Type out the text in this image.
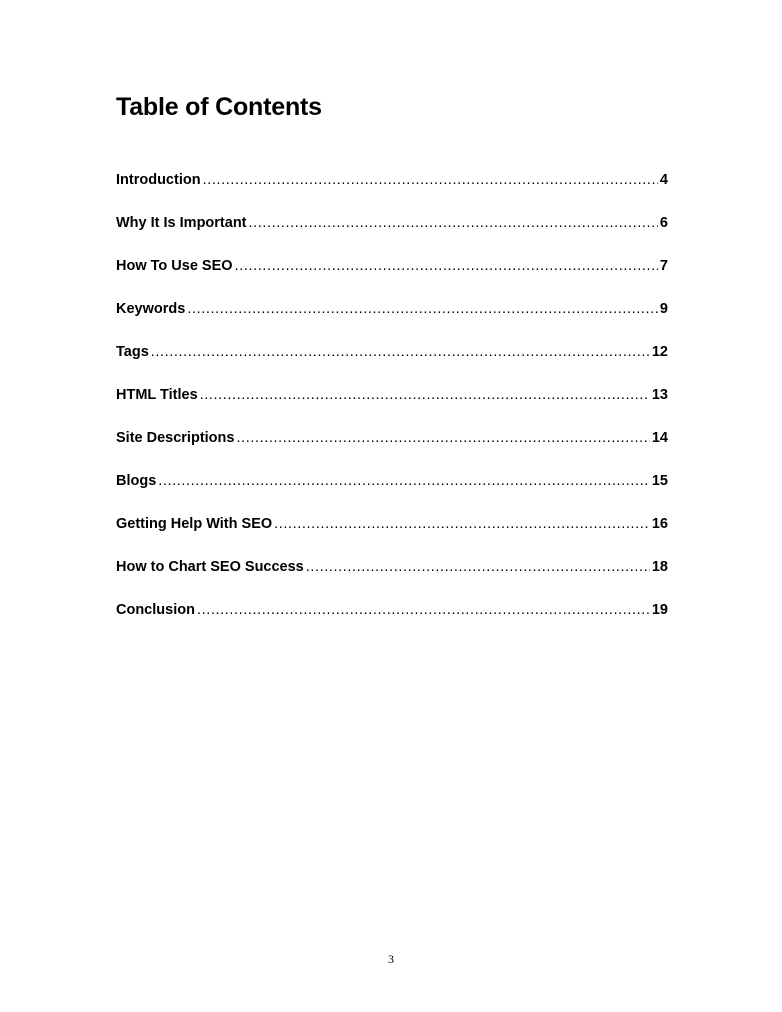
Table of Contents
Introduction .....	4
Why It Is Important .....	6
How To Use SEO .....	7
Keywords .....	9
Tags .....	12
HTML Titles .....	13
Site Descriptions .....	14
Blogs .....	15
Getting Help With SEO .....	16
How to Chart SEO Success .....	18
Conclusion .....	19
3
